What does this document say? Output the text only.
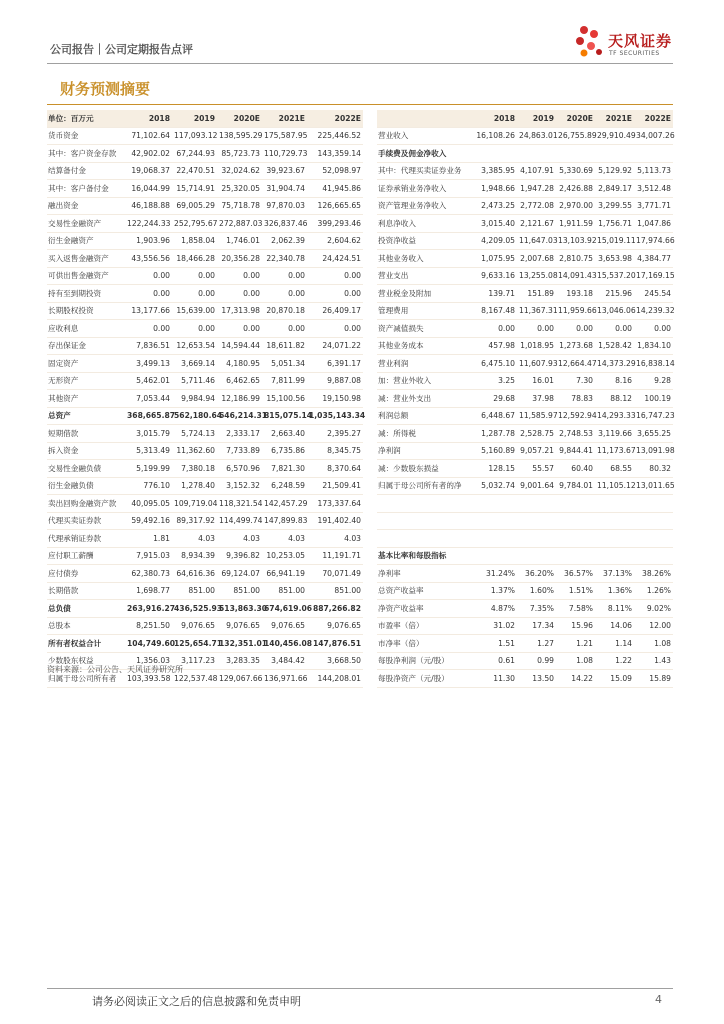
公司报告｜公司定期报告点评	天风证券
TF SECURITIES
财务预测摘要
单位：百万元	2018	2019	2020E	2021E	2022E
货币资金	71,102.64	117,093.12	138,595.29	175,587.95	225,446.52
其中：客户资金存款	42,902.02	67,244.93	85,723.73	110,729.73	143,359.14
结算备付金	19,068.37	22,470.51	32,024.62	39,923.67	52,098.97
其中：客户备付金	16,044.99	15,714.91	25,320.05	31,904.74	41,945.86
融出资金	46,188.88	69,005.29	75,718.78	97,870.03	126,665.65
交易性金融资产	122,244.33	252,795.67	272,887.03	326,837.46	399,293.46
衍生金融资产	1,903.96	1,858.04	1,746.01	2,062.39	2,604.62
买入返售金融资产	43,556.56	18,466.28	20,356.28	22,340.78	24,424.51
可供出售金融资产	0.00	0.00	0.00	0.00	0.00
持有至到期投资	0.00	0.00	0.00	0.00	0.00
长期股权投资	13,177.66	15,639.00	17,313.98	20,870.18	26,409.17
应收利息	0.00	0.00	0.00	0.00	0.00
存出保证金	7,836.51	12,653.54	14,594.44	18,611.82	24,071.22
固定资产	3,499.13	3,669.14	4,180.95	5,051.34	6,391.17
无形资产	5,462.01	5,711.46	6,462.65	7,811.99	9,887.08
其他资产	7,053.44	9,984.94	12,186.99	15,100.56	19,150.98
总资产	368,665.87	562,180.64	646,214.31	815,075.14	1,035,143.34
短期借款	3,015.79	5,724.13	2,333.17	2,663.40	2,395.27
拆入资金	5,313.49	11,362.60	7,733.89	6,735.86	8,345.75
交易性金融负债	5,199.99	7,380.18	6,570.96	7,821.30	8,370.64
衍生金融负债	776.10	1,278.40	3,152.32	6,248.59	21,509.41
卖出回购金融资产款	40,095.05	109,719.04	118,321.54	142,457.29	173,337.64
代理买卖证券款	59,492.16	89,317.92	114,499.74	147,899.83	191,402.40
代理承销证券款	1.81	4.03	4.03	4.03	4.03
应付职工薪酬	7,915.03	8,934.39	9,396.82	10,253.05	11,191.71
应付债券	62,380.73	64,616.36	69,124.07	66,941.19	70,071.49
长期借款	1,698.77	851.00	851.00	851.00	851.00
总负债	263,916.27	436,525.93	513,863.30	674,619.06	887,266.82
总股本	8,251.50	9,076.65	9,076.65	9,076.65	9,076.65
所有者权益合计	104,749.60	125,654.71	132,351.01	140,456.08	147,876.51
少数股东权益	1,356.03	3,117.23	3,283.35	3,484.42	3,668.50
归属于母公司所有者	103,393.58	122,537.48	129,067.66	136,971.66	144,208.01
	2018	2019	2020E	2021E	2022E
营业收入	16,108.26	24,863.01	26,755.89	29,910.49	34,007.26
手续费及佣金净收入					
其中：代理买卖证券业务	3,385.95	4,107.91	5,330.69	5,129.92	5,113.73
证券承销业务净收入	1,948.66	1,947.28	2,426.88	2,849.17	3,512.48
资产管理业务净收入	2,473.25	2,772.08	2,970.00	3,299.55	3,771.71
利息净收入	3,015.40	2,121.67	1,911.59	1,756.71	1,047.86
投资净收益	4,209.05	11,647.03	13,103.92	15,019.11	17,974.66
其他业务收入	1,075.95	2,007.68	2,810.75	3,653.98	4,384.77
营业支出	9,633.16	13,255.08	14,091.43	15,537.20	17,169.15
营业税金及附加	139.71	151.89	193.18	215.96	245.54
管理费用	8,167.48	11,367.31	11,959.66	13,046.06	14,239.32
资产减值损失	0.00	0.00	0.00	0.00	0.00
其他业务成本	457.98	1,018.95	1,273.68	1,528.42	1,834.10
营业利润	6,475.10	11,607.93	12,664.47	14,373.29	16,838.14
加：营业外收入	3.25	16.01	7.30	8.16	9.28
减：营业外支出	29.68	37.98	78.83	88.12	100.19
利润总额	6,448.67	11,585.97	12,592.94	14,293.33	16,747.23
减：所得税	1,287.78	2,528.75	2,748.53	3,119.66	3,655.25
净利润	5,160.89	9,057.21	9,844.41	11,173.67	13,091.98
减：少数股东损益	128.15	55.57	60.40	68.55	80.32
归属于母公司所有者的净	5,032.74	9,001.64	9,784.01	11,105.12	13,011.65

基本比率和每股指标					
净利率	31.24%	36.20%	36.57%	37.13%	38.26%
总资产收益率	1.37%	1.60%	1.51%	1.36%	1.26%
净资产收益率	4.87%	7.35%	7.58%	8.11%	9.02%
市盈率（倍）	31.02	17.34	15.96	14.06	12.00
市净率（倍）	1.51	1.27	1.21	1.14	1.08
每股净利润（元/股）	0.61	0.99	1.08	1.22	1.43
每股净资产（元/股）	11.30	13.50	14.22	15.09	15.89
资料来源：公司公告、天风证券研究所
请务必阅读正文之后的信息披露和免责申明	4
